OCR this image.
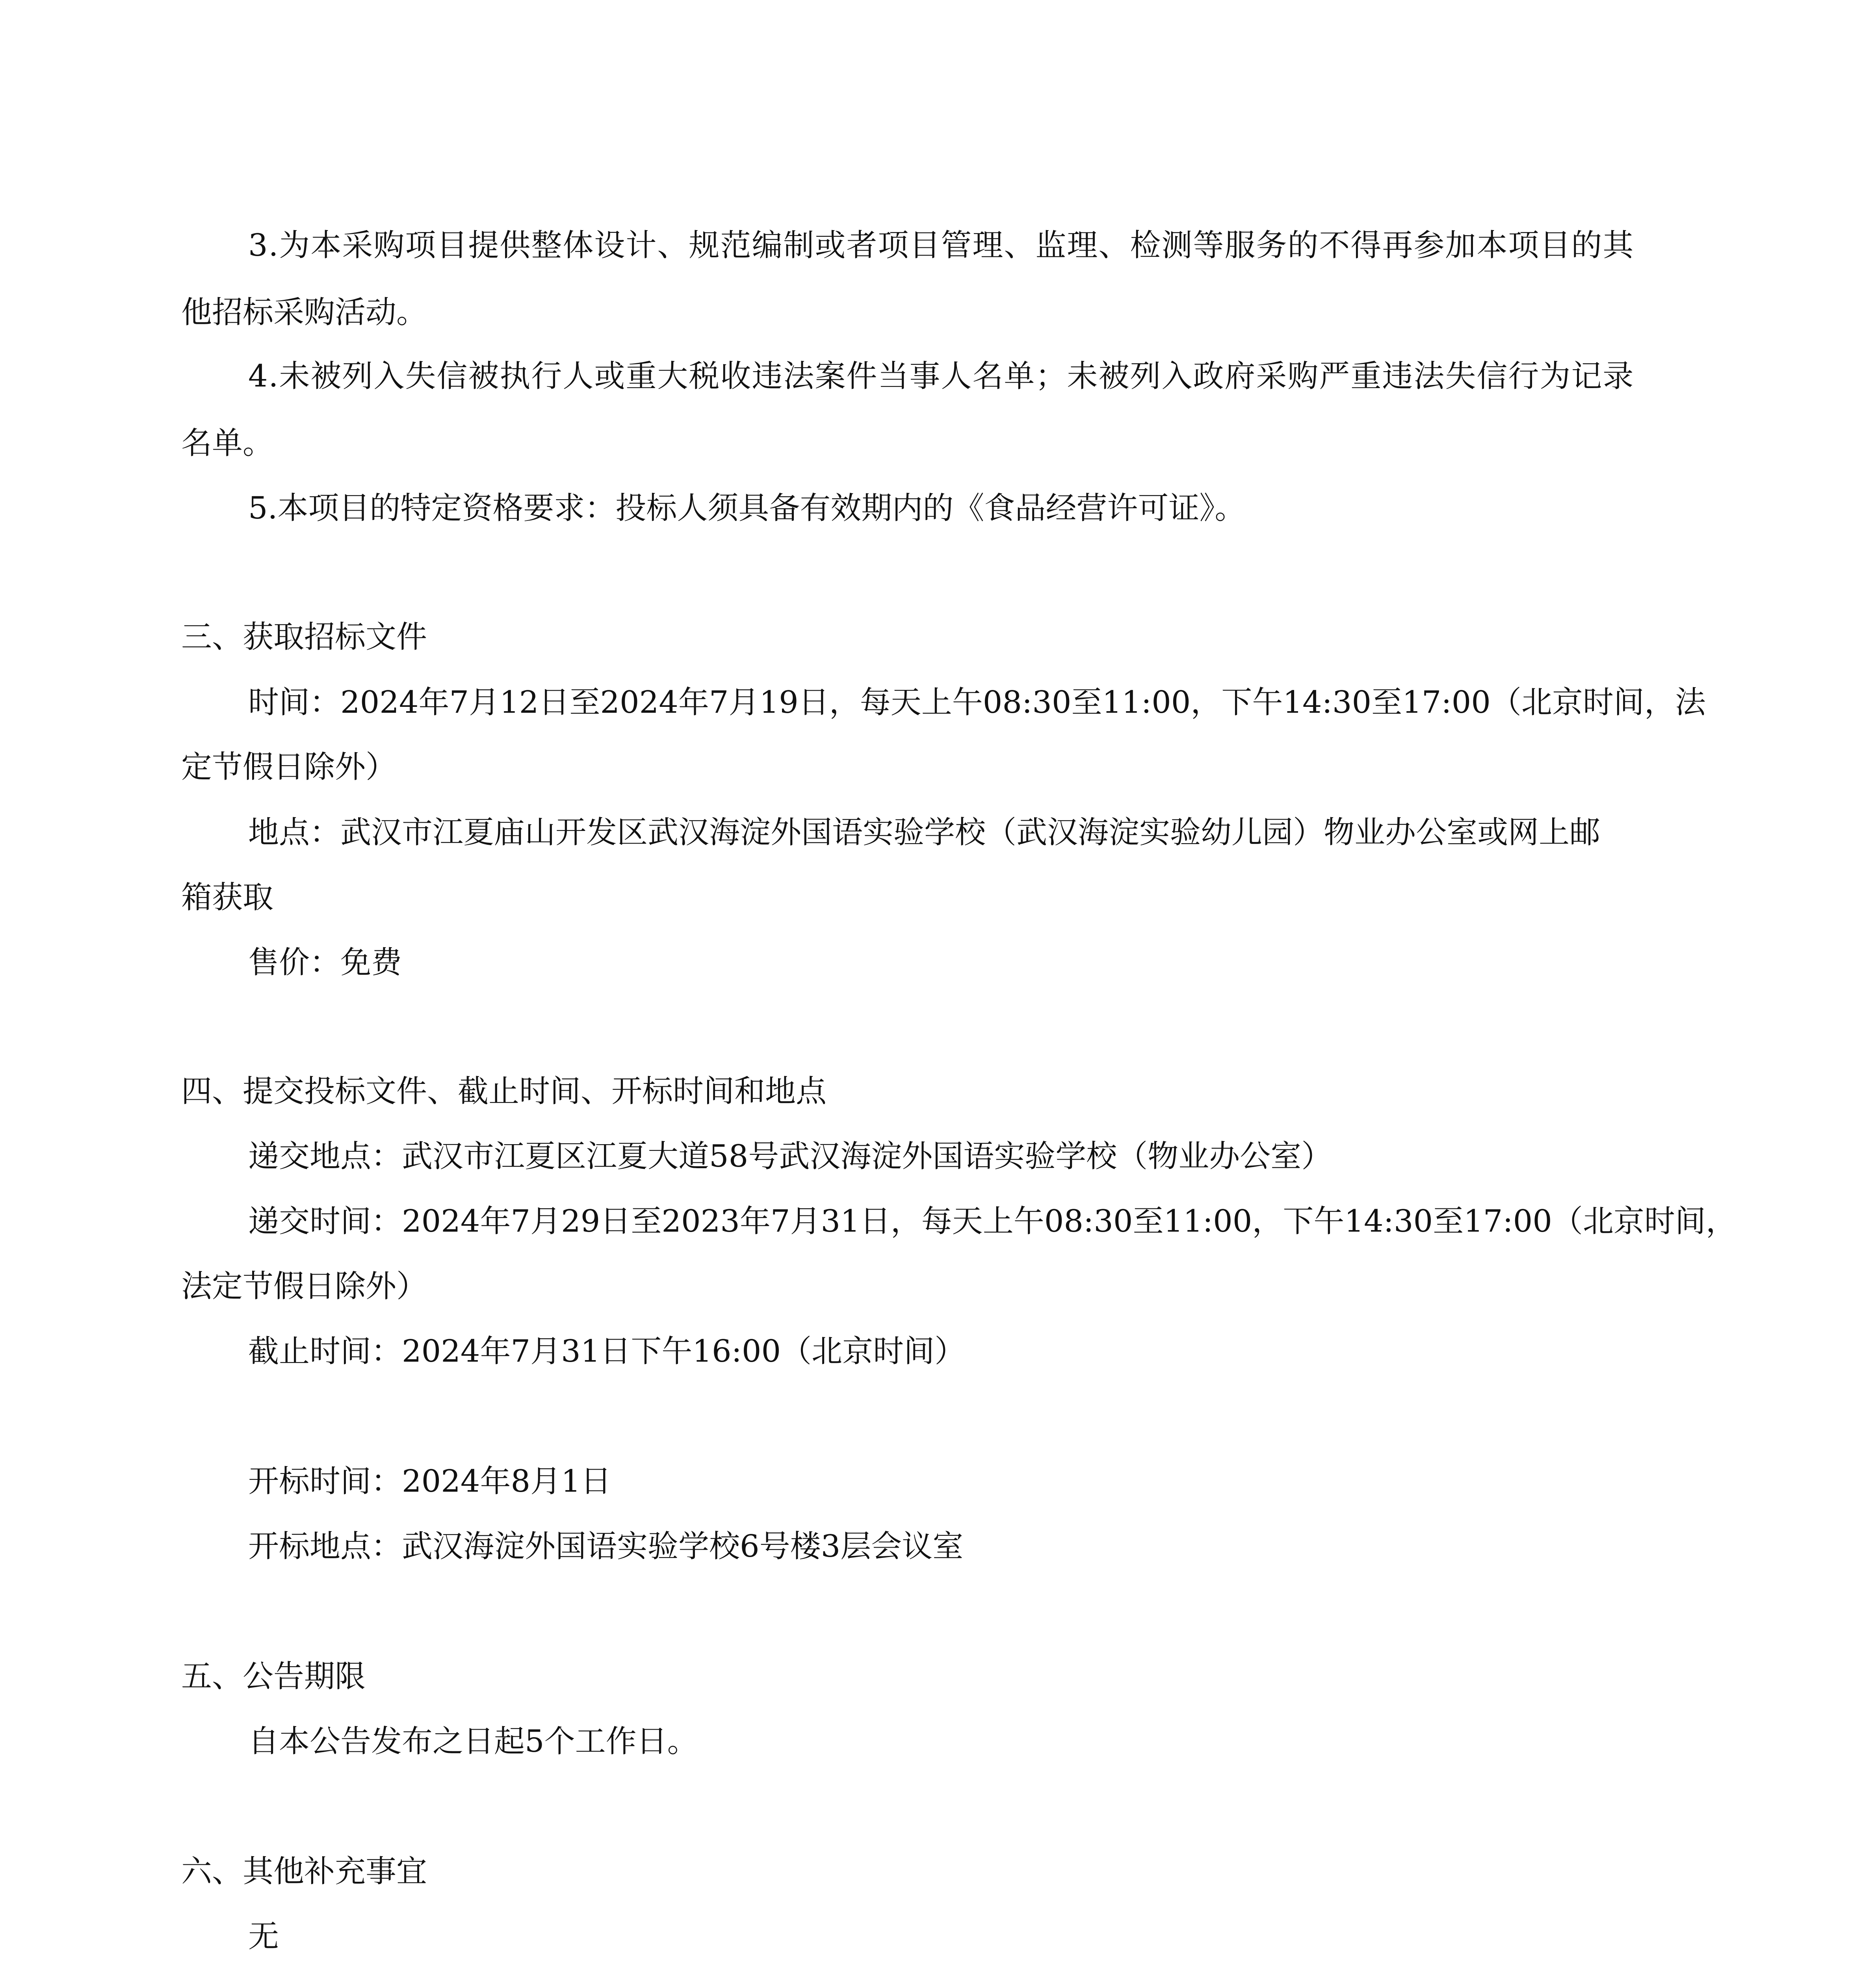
3.为本采购项目提供整体设计、规范编制或者项目管理、监理、检测等服务的不得再参加本项目的其
他招标采购活动。
4.未被列入失信被执行人或重大税收违法案件当事人名单；未被列入政府采购严重违法失信行为记录
名单。
5.本项目的特定资格要求：投标人须具备有效期内的《食品经营许可证》。
三、获取招标文件
时间：2024年7月12日至2024年7月19日，每天上午08:30至11:00，下午14:30至17:00（北京时间，法
定节假日除外）
地点：武汉市江夏庙山开发区武汉海淀外国语实验学校（武汉海淀实验幼儿园）物业办公室或网上邮
箱获取
售价：免费
四、提交投标文件、截止时间、开标时间和地点
递交地点：武汉市江夏区江夏大道58号武汉海淀外国语实验学校（物业办公室）
递交时间：2024年7月29日至2023年7月31日，每天上午08:30至11:00，下午14:30至17:00（北京时间，
法定节假日除外）
截止时间：2024年7月31日下午16:00（北京时间）
开标时间：2024年8月1日
开标地点：武汉海淀外国语实验学校6号楼3层会议室
五、公告期限
自本公告发布之日起5个工作日。
六、其他补充事宜
无
